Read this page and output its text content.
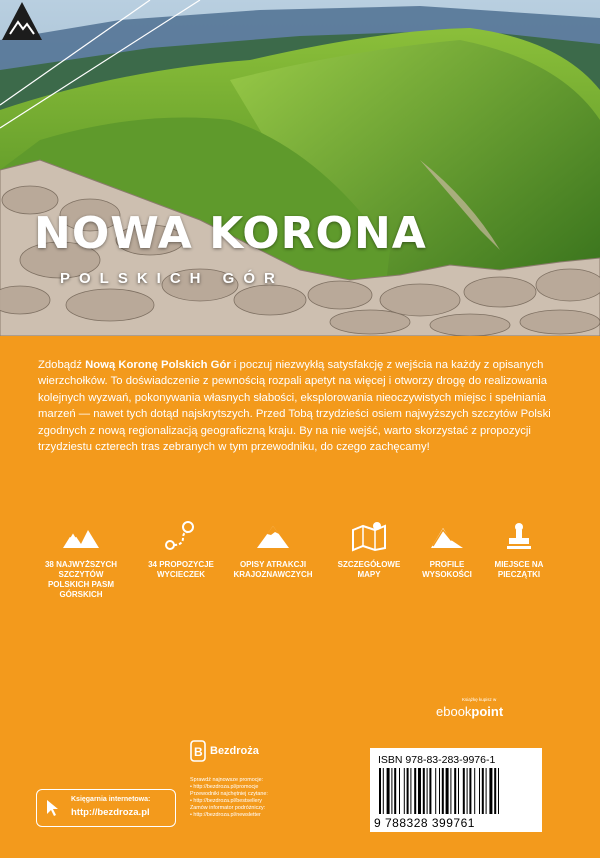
NOWA KORONA
POLSKICH GÓR
Zdobądź Nową Koronę Polskich Gór i poczuj niezwykłą satysfakcję z wejścia na każdy z opisanych wierzchołków. To doświadczenie z pewnością rozpali apetyt na więcej i otworzy drogę do realizowania kolejnych wyzwań, pokonywania własnych słabości, eksplorowania nieoczywistych miejsc i spełniania marzeń — nawet tych dotąd najskrytszych. Przed Tobą trzydzieści osiem najwyższych szczytów Polski zgodnych z nową regionalizacją geograficzną kraju. By na nie wejść, warto skorzystać z propozycji trzydziestu czterech tras zebranych w tym przewodniku, do czego zachęcamy!
38 NAJWYŻSZYCH SZCZYTÓW POLSKICH PASM GÓRSKICH
34 PROPOZYCJE WYCIECZEK
OPISY ATRAKCJI KRAJOZNAWCZYCH
SZCZEGÓŁOWE MAPY
PROFILE WYSOKOŚCI
MIEJSCE NA PIECZĄTKI
B Bezdroża
Sprawdź najnowsze promocje:
• http://bezdroza.pl/promocje
Przewodniki najchętniej czytane:
• http://bezdroza.pl/bestsellery
Zamów informator podróżniczy:
• http://bezdroza.pl/newsletter
Księgarnia internetowa:
http://bezdroza.pl
Książkę kupisz w
ebookpoint
ISBN 978-83-283-9976-1
9 788328 399761
CENA 00,00 zł
